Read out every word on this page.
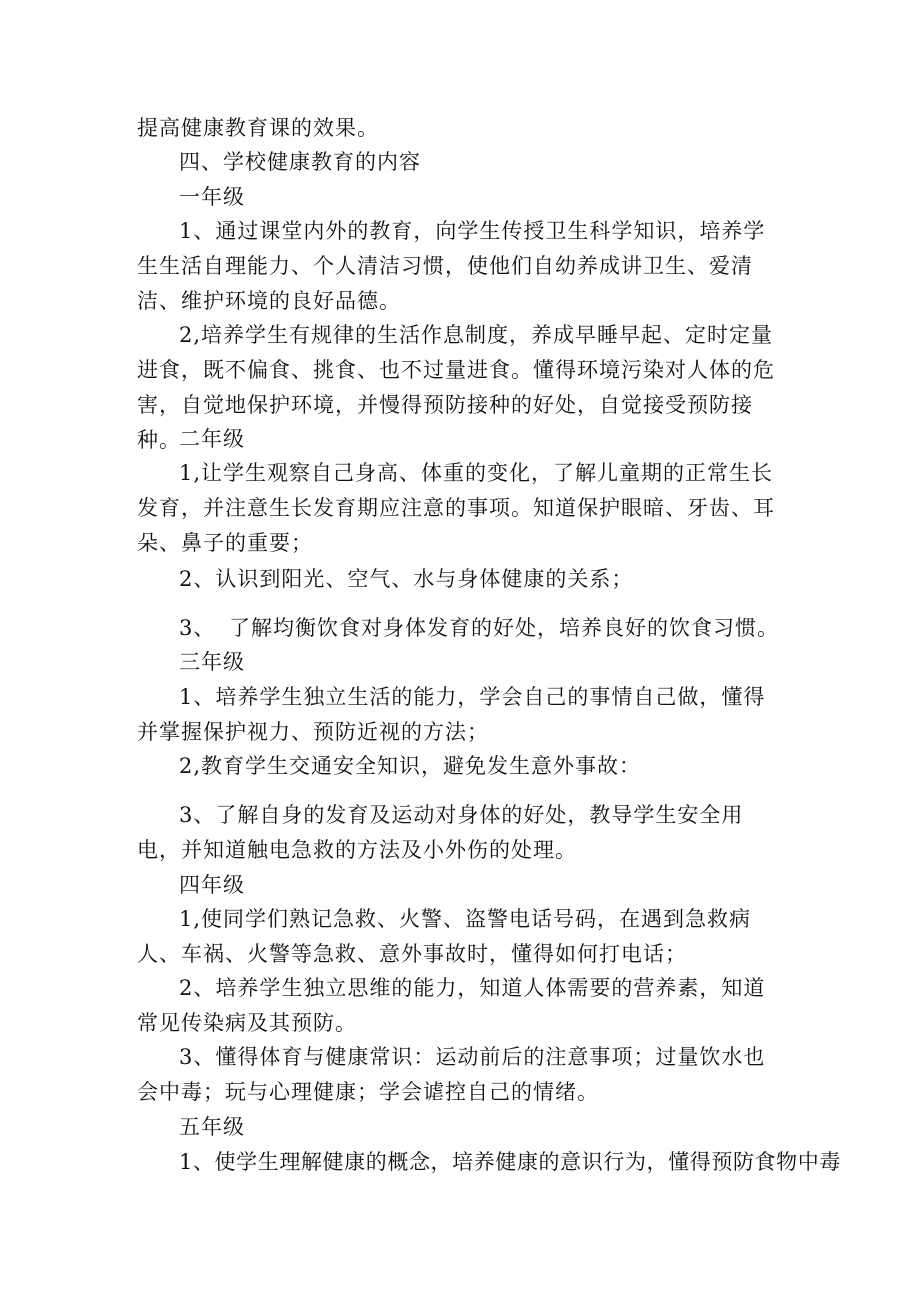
提高健康教育课的效果。
四、学校健康教育的内容
一年级
1、通过课堂内外的教育，向学生传授卫生科学知识，培养学生生活自理能力、个人清洁习惯，使他们自幼养成讲卫生、爱清洁、维护环境的良好品德。
2,培养学生有规律的生活作息制度，养成早睡早起、定时定量进食，既不偏食、挑食、也不过量进食。懂得环境污染对人体的危害，自觉地保护环境，并慢得预防接种的好处，自觉接受预防接种。
二年级
1,让学生观察自己身高、体重的变化，了解儿童期的正常生长发育，并注意生长发育期应注意的事项。知道保护眼暗、牙齿、耳朵、鼻子的重要；
2、认识到阳光、空气、水与身体健康的关系；
3、 了解均衡饮食对身体发育的好处，培养良好的饮食习惯。
三年级
1、培养学生独立生活的能力，学会自己的事情自己做，懂得并掌握保护视力、预防近视的方法；
2,教育学生交通安全知识，避免发生意外事故：
3、了解自身的发育及运动对身体的好处，教导学生安全用电，并知道触电急救的方法及小外伤的处理。
四年级
1,使同学们熟记急救、火警、盗警电话号码，在遇到急救病人、车祸、火警等急救、意外事故时，懂得如何打电话；
2、培养学生独立思维的能力，知道人体需要的营养素，知道常见传染病及其预防。
3、懂得体育与健康常识：运动前后的注意事项；过量饮水也会中毒；玩与心理健康；学会谑控自己的情绪。
五年级
1、使学生理解健康的概念，培养健康的意识行为，懂得预防食物中毒
